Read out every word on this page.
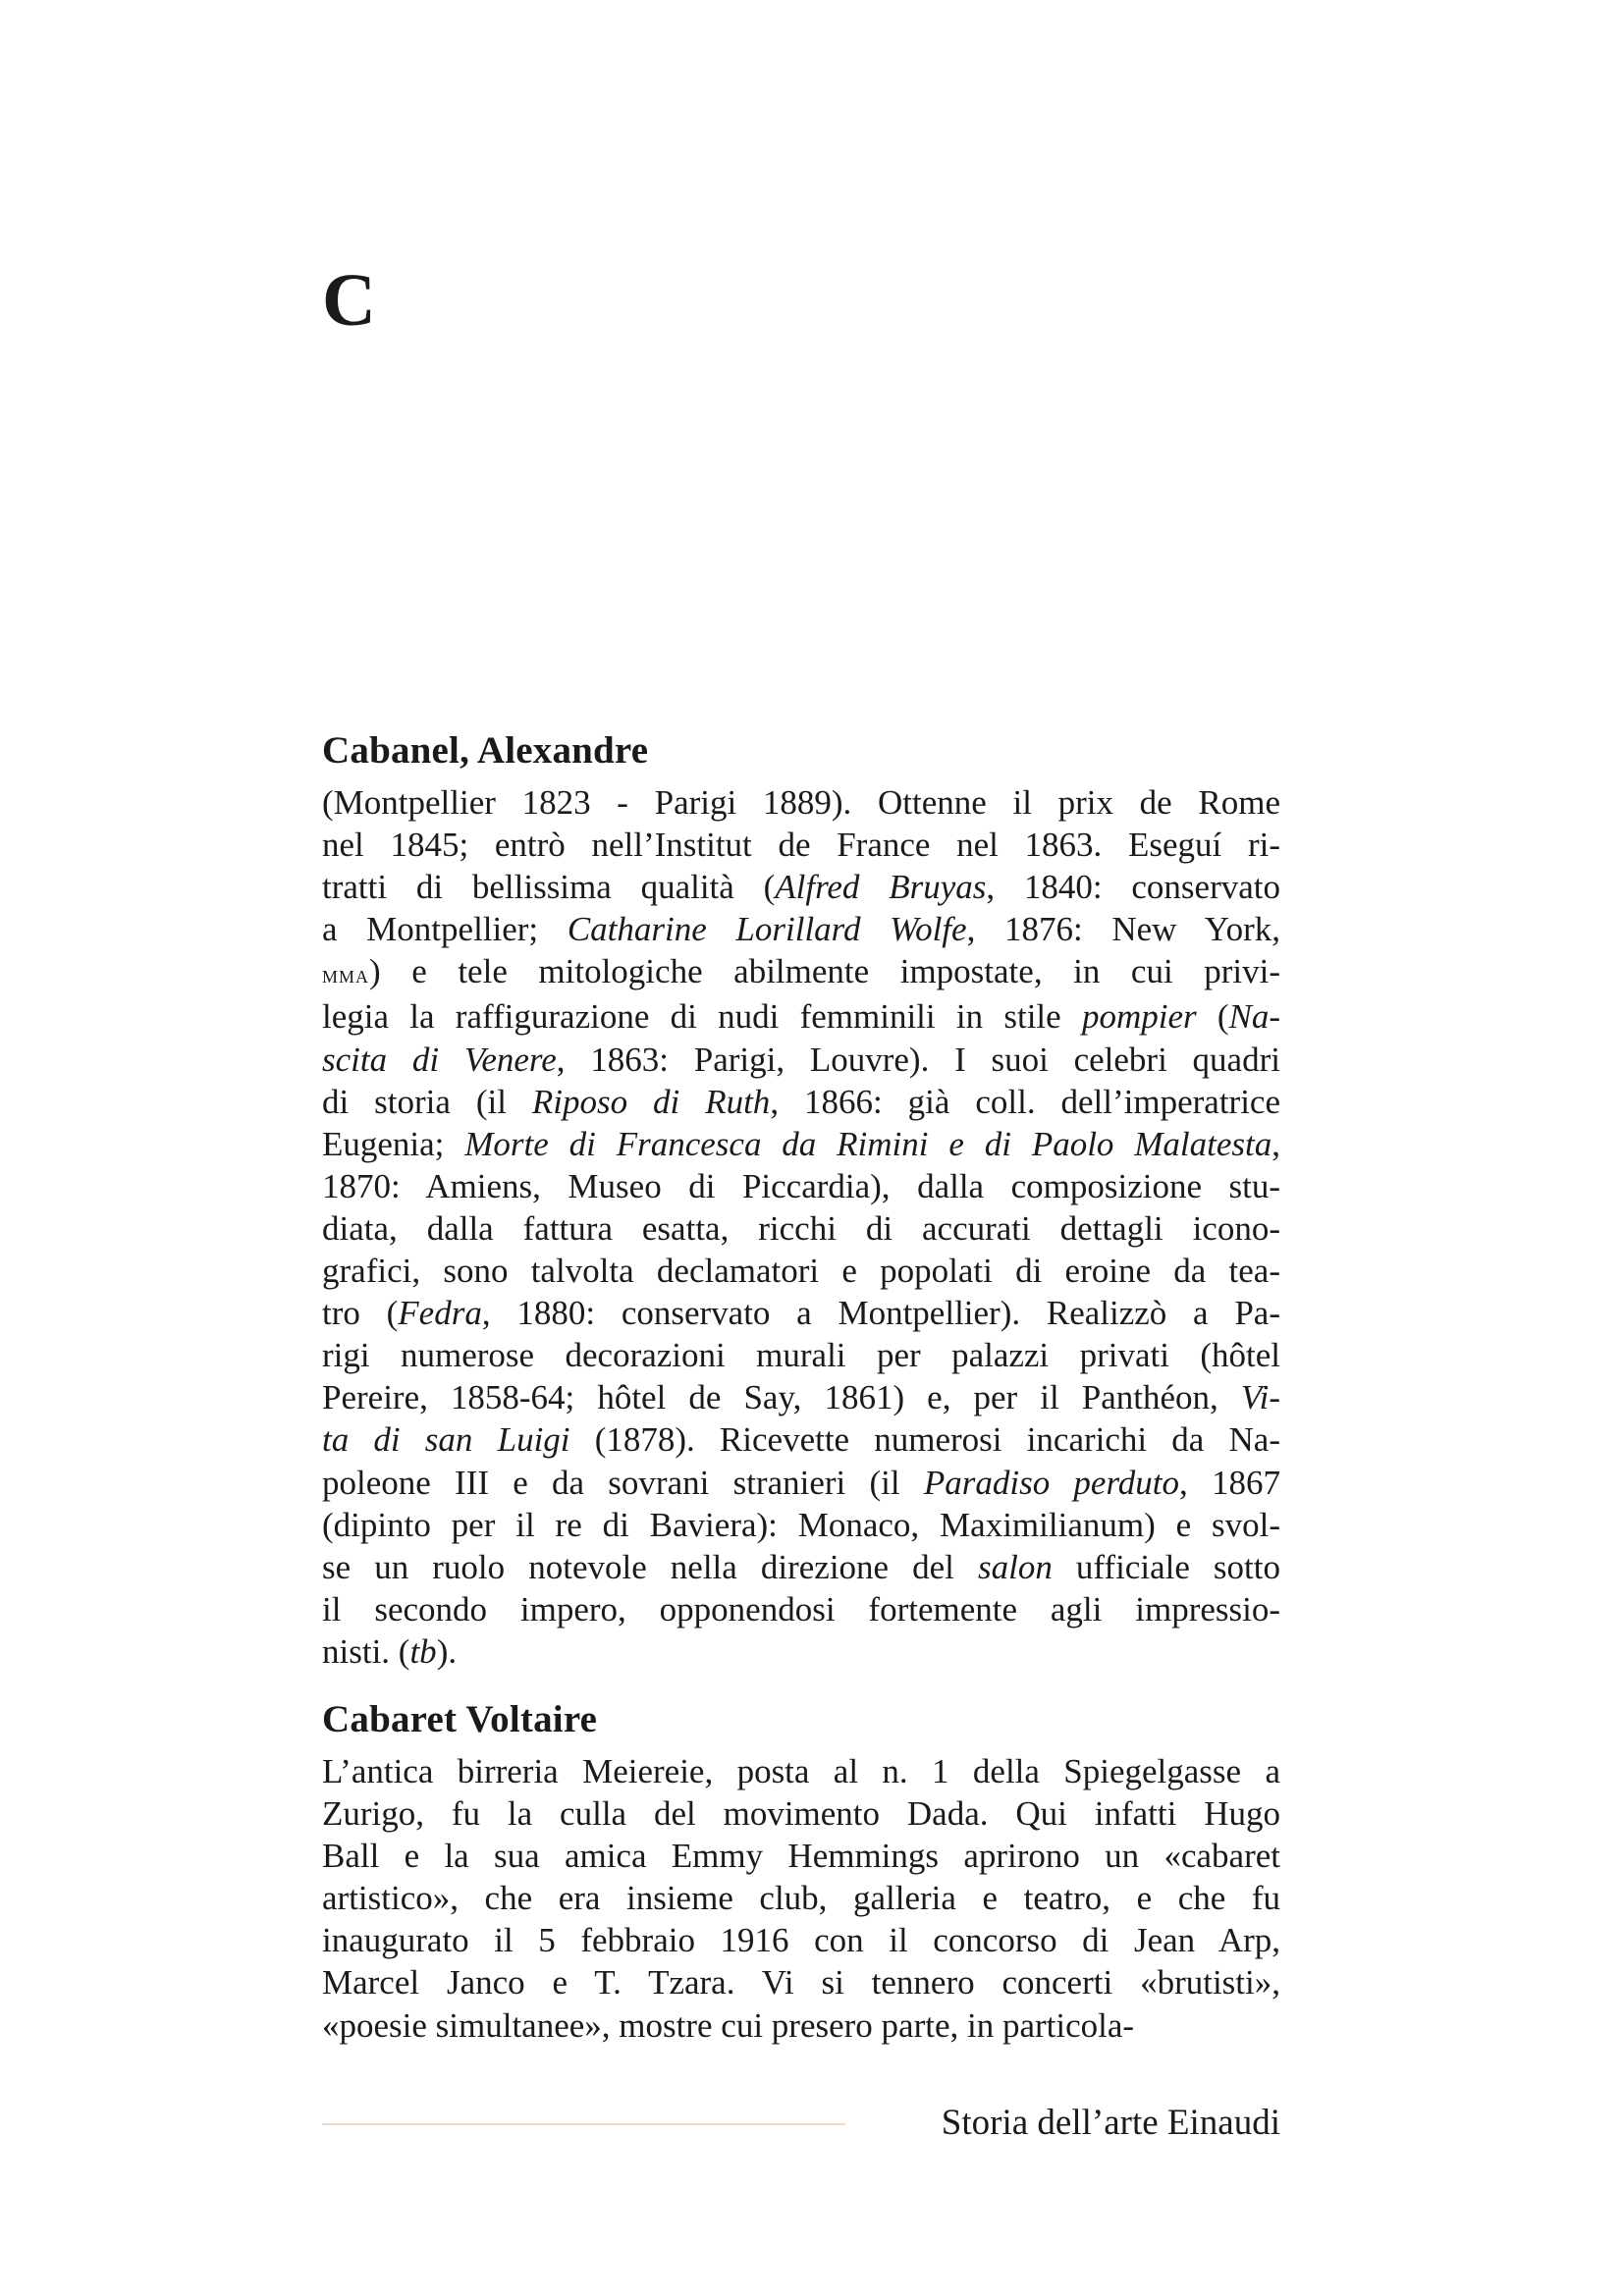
C
Cabanel, Alexandre

(Montpellier 1823 - Parigi 1889). Ottenne il prix de Rome
nel 1845; entrò nell’Institut de France nel 1863. Eseguí ri-
tratti di bellissima qualità (Alfred Bruyas, 1840: conservato
a Montpellier; Catharine Lorillard Wolfe, 1876: New York,
mma) e tele mitologiche abilmente impostate, in cui privi-
legia la raffigurazione di nudi femminili in stile pompier (Na-
scita di Venere, 1863: Parigi, Louvre). I suoi celebri quadri
di storia (il Riposo di Ruth, 1866: già coll. dell’imperatrice
Eugenia; Morte di Francesca da Rimini e di Paolo Malatesta,
1870: Amiens, Museo di Piccardia), dalla composizione stu-
diata, dalla fattura esatta, ricchi di accurati dettagli icono-
grafici, sono talvolta declamatori e popolati di eroine da tea-
tro (Fedra, 1880: conservato a Montpellier). Realizzò a Pa-
rigi numerose decorazioni murali per palazzi privati (hôtel
Pereire, 1858-64; hôtel de Say, 1861) e, per il Panthéon, Vi-
ta di san Luigi (1878). Ricevette numerosi incarichi da Na-
poleone III e da sovrani stranieri (il Paradiso perduto, 1867
(dipinto per il re di Baviera): Monaco, Maximilianum) e svol-
se un ruolo notevole nella direzione del salon ufficiale sotto
il secondo impero, opponendosi fortemente agli impressio-
nisti. (tb).

Cabaret Voltaire

L’antica birreria Meiereie, posta al n. 1 della Spiegelgasse a
Zurigo, fu la culla del movimento Dada. Qui infatti Hugo
Ball e la sua amica Emmy Hemmings aprirono un «cabaret
artistico», che era insieme club, galleria e teatro, e che fu
inaugurato il 5 febbraio 1916 con il concorso di Jean Arp,
Marcel Janco e T. Tzara. Vi si tennero concerti «brutisti»,
«poesie simultanee», mostre cui presero parte, in particola-

Storia dell’arte Einaudi
